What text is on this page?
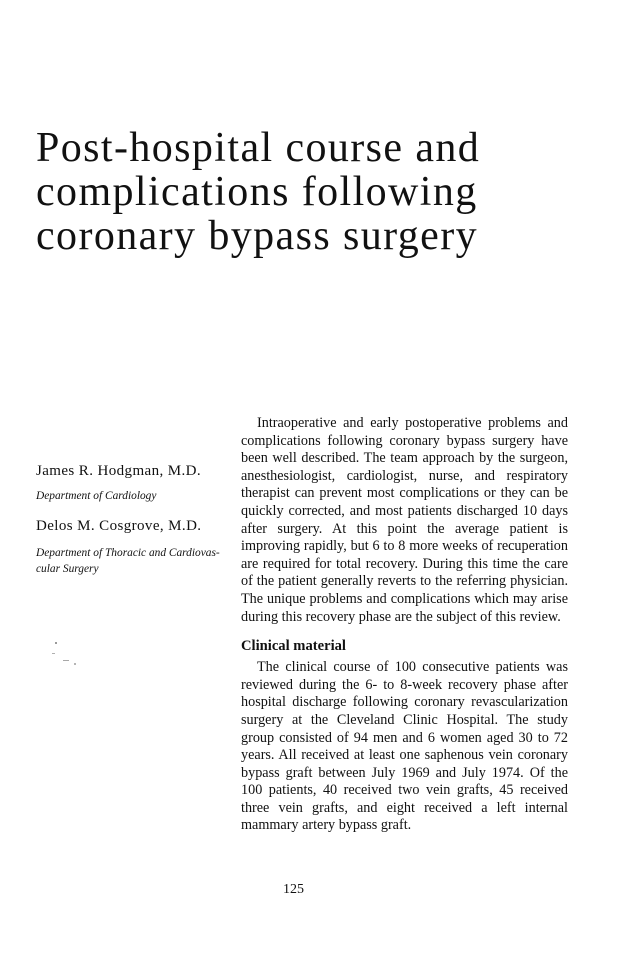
Post-hospital course and
complications following
coronary bypass surgery
James R. Hodgman, M.D.
Department of Cardiology
Delos M. Cosgrove, M.D.
Department of Thoracic and Cardiovas-
cular Surgery

Intraoperative and early postoperative problems and complications following coronary bypass surgery have been well described. The team approach by the surgeon, anesthesiologist, cardiologist, nurse, and respiratory therapist can prevent most complications or they can be quickly corrected, and most patients discharged 10 days after surgery. At this point the average patient is improving rapidly, but 6 to 8 more weeks of recuperation are required for total recovery. During this time the care of the patient generally reverts to the referring physician. The unique problems and complications which may arise during this recovery phase are the subject of this review.

Clinical material

The clinical course of 100 consecutive patients was reviewed during the 6- to 8-week recovery phase after hospital discharge following coronary revascularization surgery at the Cleveland Clinic Hospital. The study group consisted of 94 men and 6 women aged 30 to 72 years. All received at least one saphenous vein coronary bypass graft between July 1969 and July 1974. Of the 100 patients, 40 received two vein grafts, 45 received three vein grafts, and eight received a left internal mammary artery bypass graft.

125
